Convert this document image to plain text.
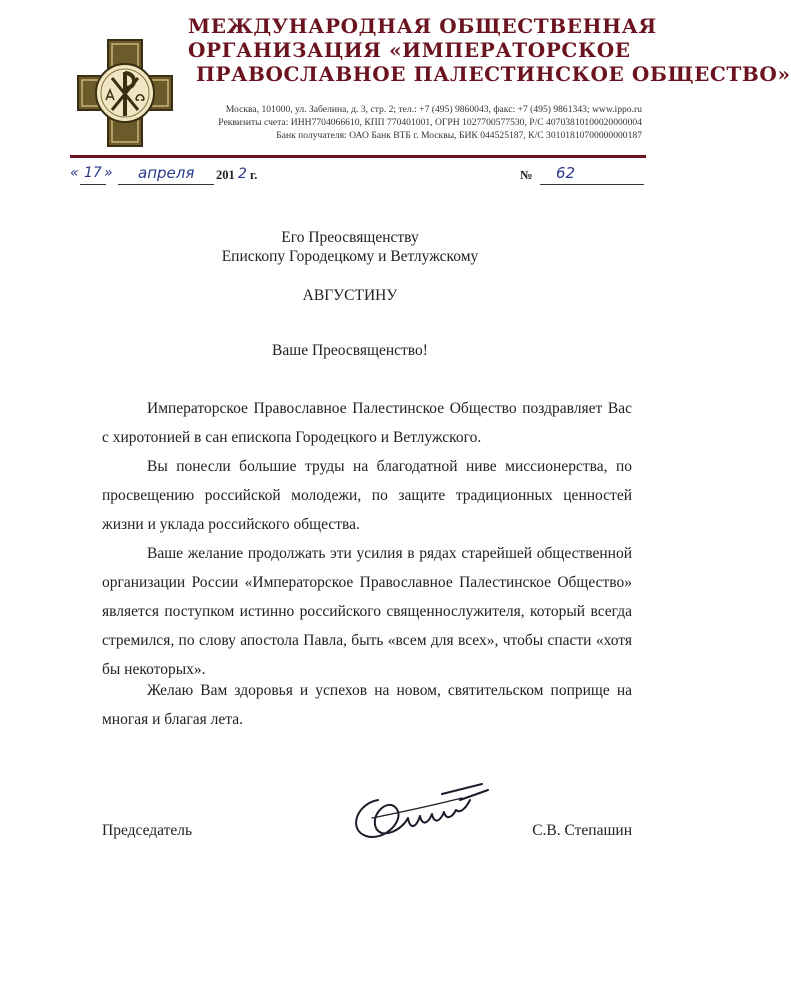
МЕЖДУНАРОДНАЯ ОБЩЕСТВЕННАЯ
ОРГАНИЗАЦИЯ «ИМПЕРАТОРСКОЕ
ПРАВОСЛАВНОЕ ПАЛЕСТИНСКОЕ ОБЩЕСТВО»
Москва, 101000, ул. Забелина, д. 3, стр. 2; тел.: +7 (495) 9860043, факс: +7 (495) 9861343; www.ippo.ru
Реквизиты счета: ИНН7704066610, КПП 770401001, ОГРН 1027700577530, Р/С 40703810100020000004
Банк получателя: ОАО Банк ВТБ г. Москвы, БИК 044525187, К/С 30101810700000000187
« 17 » апреля 201 2 г.	№ 62
Его Преосвященству
Епископу Городецкому и Ветлужскому
АВГУСТИНУ
Ваше Преосвященство!

Императорское Православное Палестинское Общество поздравляет Вас с хиротонией в сан епископа Городецкого и Ветлужского.

Вы понесли большие труды на благодатной ниве миссионерства, по просвещению российской молодежи, по защите традиционных ценностей жизни и уклада российского общества.

Ваше желание продолжать эти усилия в рядах старейшей общественной организации России «Императорское Православное Палестинское Общество» является поступком истинно российского священнослужителя, который всегда стремился, по слову апостола Павла, быть «всем для всех», чтобы спасти «хотя бы некоторых».

Желаю Вам здоровья и успехов на новом, святительском поприще на многая и благая лета.

Председатель	С.В. Степашин
